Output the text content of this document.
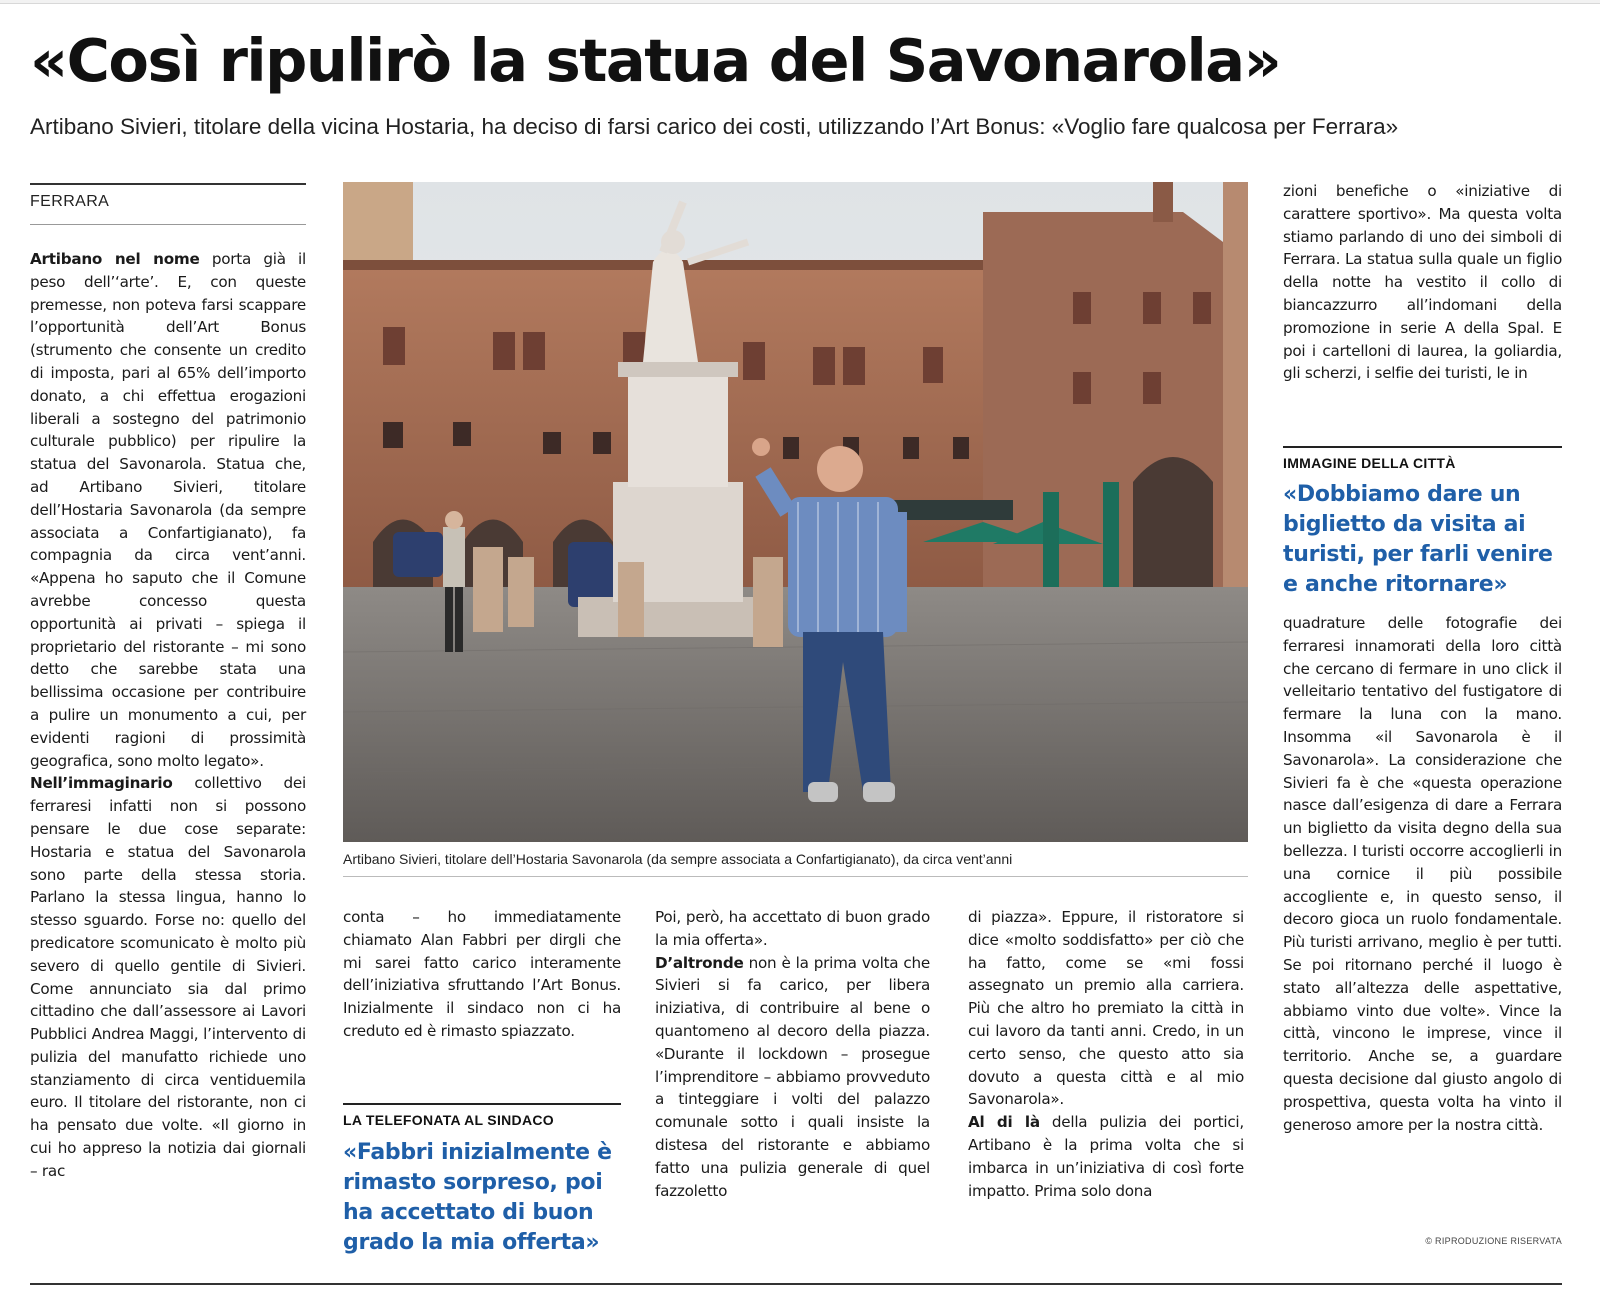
«Così ripulirò la statua del Savonarola»
Artibano Sivieri, titolare della vicina Hostaria, ha deciso di farsi carico dei costi, utilizzando l’Art Bonus: «Voglio fare qualcosa per Ferrara»
FERRARA

Artibano nel nome porta già il peso dell’‘arte’. E, con queste premesse, non poteva farsi scappare l’opportunità dell’Art Bonus (strumento che consente un credito di imposta, pari al 65% dell’importo donato, a chi effettua erogazioni liberali a sostegno del patrimonio culturale pubblico) per ripulire la statua del Savonarola. Statua che, ad Artibano Sivieri, titolare dell’Hostaria Savonarola (da sempre associata a Confartigianato), fa compagnia da circa vent’anni. «Appena ho saputo che il Comune avrebbe concesso questa opportunità ai privati – spiega il proprietario del ristorante – mi sono detto che sarebbe stata una bellissima occasione per contribuire a pulire un monumento a cui, per evidenti ragioni di prossimità geografica, sono molto legato».

Nell’immaginario collettivo dei ferraresi infatti non si possono pensare le due cose separate: Hostaria e statua del Savonarola sono parte della stessa storia. Parlano la stessa lingua, hanno lo stesso sguardo. Forse no: quello del predicatore scomunicato è molto più severo di quello gentile di Sivieri. Come annunciato sia dal primo cittadino che dall’assessore ai Lavori Pubblici Andrea Maggi, l’intervento di pulizia del manufatto richiede uno stanziamento di circa ventiduemila euro. Il titolare del ristorante, non ci ha pensato due volte. «Il giorno in cui ho appreso la notizia dai giornali – rac

Artibano Sivieri, titolare dell’Hostaria Savonarola (da sempre associata a Confartigianato), da circa vent’anni

conta – ho immediatamente chiamato Alan Fabbri per dirgli che mi sarei fatto carico interamente dell’iniziativa sfruttando l’Art Bonus. Inizialmente il sindaco non ci ha creduto ed è rimasto spiazzato.

LA TELEFONATA AL SINDACO
«Fabbri inizialmente è rimasto sorpreso, poi ha accettato di buon grado la mia offerta»

Poi, però, ha accettato di buon grado la mia offerta».

D’altronde non è la prima volta che Sivieri si fa carico, per libera iniziativa, di contribuire al bene o quantomeno al decoro della piazza. «Durante il lockdown – prosegue l’imprenditore – abbiamo provveduto a tinteggiare i volti del palazzo comunale sotto i quali insiste la distesa del ristorante e abbiamo fatto una pulizia generale di quel fazzoletto

di piazza». Eppure, il ristoratore si dice «molto soddisfatto» per ciò che ha fatto, come se «mi fossi assegnato un premio alla carriera. Più che altro ho premiato la città in cui lavoro da tanti anni. Credo, in un certo senso, che questo atto sia dovuto a questa città e al mio Savonarola».

Al di là della pulizia dei portici, Artibano è la prima volta che si imbarca in un’iniziativa di così forte impatto. Prima solo dona

zioni benefiche o «iniziative di carattere sportivo». Ma questa volta stiamo parlando di uno dei simboli di Ferrara. La statua sulla quale un figlio della notte ha vestito il collo di biancazzurro all’indomani della promozione in serie A della Spal. E poi i cartelloni di laurea, la goliardia, gli scherzi, i selfie dei turisti, le in

IMMAGINE DELLA CITTÀ
«Dobbiamo dare un biglietto da visita ai turisti, per farli venire e anche ritornare»

quadrature delle fotografie dei ferraresi innamorati della loro città che cercano di fermare in uno click il velleitario tentativo del fustigatore di fermare la luna con la mano. Insomma «il Savonarola è il Savonarola». La considerazione che Sivieri fa è che «questa operazione nasce dall’esigenza di dare a Ferrara un biglietto da visita degno della sua bellezza. I turisti occorre accoglierli in una cornice il più possibile accogliente e, in questo senso, il decoro gioca un ruolo fondamentale. Più turisti arrivano, meglio è per tutti. Se poi ritornano perché il luogo è stato all’altezza delle aspettative, abbiamo vinto due volte». Vince la città, vincono le imprese, vince il territorio. Anche se, a guardare questa decisione dal giusto angolo di prospettiva, questa volta ha vinto il generoso amore per la nostra città.

© RIPRODUZIONE RISERVATA
